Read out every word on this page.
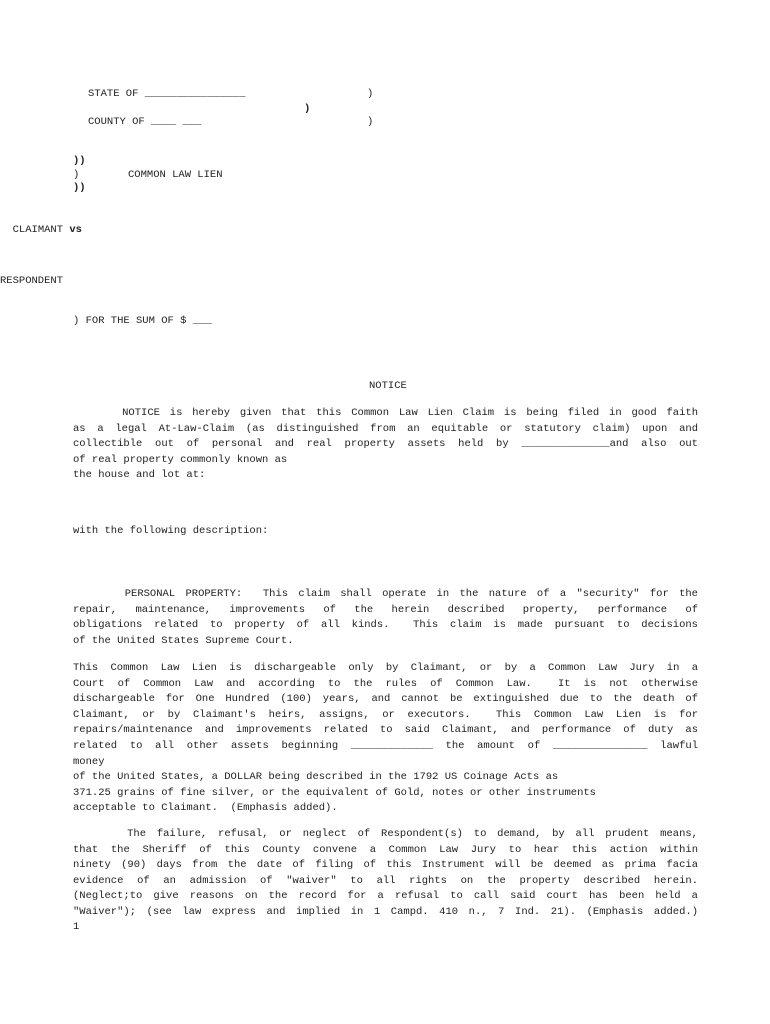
STATE OF ________________	)
)
COUNTY OF ____ ___	)
))
)	COMMON LAW LIEN
))

CLAIMANT vs

RESPONDENT
) FOR THE SUM OF $ ___
NOTICE
NOTICE is hereby given that this Common Law Lien Claim is being filed in good faith
as a legal At-Law-Claim (as distinguished from an equitable or statutory claim) upon and
collectible out of personal and real property assets held by ______________and also out
of real property commonly known as
the house and lot at:
with the following description:
PERSONAL PROPERTY:  This claim shall operate in the nature of a "security" for the
repair, maintenance, improvements of the herein described property, performance of
obligations related to property of all kinds.  This claim is made pursuant to decisions
of the United States Supreme Court.
This Common Law Lien is dischargeable only by Claimant, or by a Common Law Jury in a
Court of Common Law and according to the rules of Common Law.  It is not otherwise
dischargeable for One Hundred (100) years, and cannot be extinguished due to the death of
Claimant, or by Claimant's heirs, assigns, or executors.  This Common Law Lien is for
repairs/maintenance and improvements related to said Claimant, and performance of duty as
related to all other assets beginning _____________ the amount of _______________ lawful
money
of the United States, a DOLLAR being described in the 1792 US Coinage Acts as
371.25 grains of fine silver, or the equivalent of Gold, notes or other instruments
acceptable to Claimant.  (Emphasis added).
The failure, refusal, or neglect of Respondent(s) to demand, by all prudent means,
that the Sheriff of this County convene a Common Law Jury to hear this action within
ninety (90) days from the date of filing of this Instrument will be deemed as prima facia
evidence of an admission of "waiver" to all rights on the property described herein.
(Neglect;to give reasons on the record for a refusal to call said court has been held a
"Waiver"); (see law express and implied in 1 Campd. 410 n., 7 Ind. 21). (Emphasis added.)
1
